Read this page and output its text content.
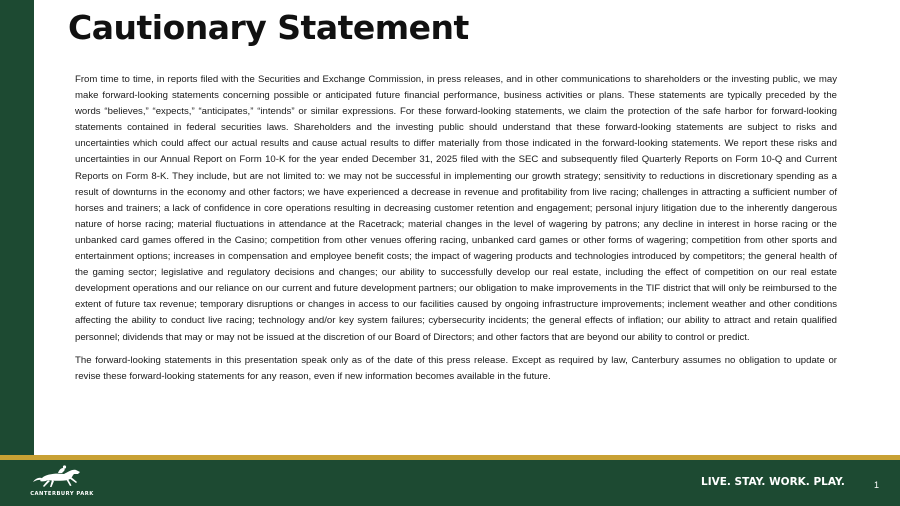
Cautionary Statement

From time to time, in reports filed with the Securities and Exchange Commission, in press releases, and in other communications to shareholders or the investing public, we may make forward-looking statements concerning possible or anticipated future financial performance, business activities or plans. These statements are typically preceded by the words “believes,” “expects,” “anticipates,” “intends” or similar expressions. For these forward-looking statements, we claim the protection of the safe harbor for forward-looking statements contained in federal securities laws. Shareholders and the investing public should understand that these forward-looking statements are subject to risks and uncertainties which could affect our actual results and cause actual results to differ materially from those indicated in the forward-looking statements. We report these risks and uncertainties in our Annual Report on Form 10-K for the year ended December 31, 2025 filed with the SEC and subsequently filed Quarterly Reports on Form 10-Q and Current Reports on Form 8-K. They include, but are not limited to: we may not be successful in implementing our growth strategy; sensitivity to reductions in discretionary spending as a result of downturns in the economy and other factors; we have experienced a decrease in revenue and profitability from live racing; challenges in attracting a sufficient number of horses and trainers; a lack of confidence in core operations resulting in decreasing customer retention and engagement; personal injury litigation due to the inherently dangerous nature of horse racing; material fluctuations in attendance at the Racetrack; material changes in the level of wagering by patrons; any decline in interest in horse racing or the unbanked card games offered in the Casino; competition from other venues offering racing, unbanked card games or other forms of wagering; competition from other sports and entertainment options; increases in compensation and employee benefit costs; the impact of wagering products and technologies introduced by competitors; the general health of the gaming sector; legislative and regulatory decisions and changes; our ability to successfully develop our real estate, including the effect of competition on our real estate development operations and our reliance on our current and future development partners; our obligation to make improvements in the TIF district that will only be reimbursed to the extent of future tax revenue; temporary disruptions or changes in access to our facilities caused by ongoing infrastructure improvements; inclement weather and other conditions affecting the ability to conduct live racing; technology and/or key system failures; cybersecurity incidents; the general effects of inflation; our ability to attract and retain qualified personnel; dividends that may or may not be issued at the discretion of our Board of Directors; and other factors that are beyond our ability to control or predict.

The forward-looking statements in this presentation speak only as of the date of this press release. Except as required by law, Canterbury assumes no obligation to update or revise these forward-looking statements for any reason, even if new information becomes available in the future.

CANTERBURY PARK
LIVE. STAY. WORK. PLAY.	1
